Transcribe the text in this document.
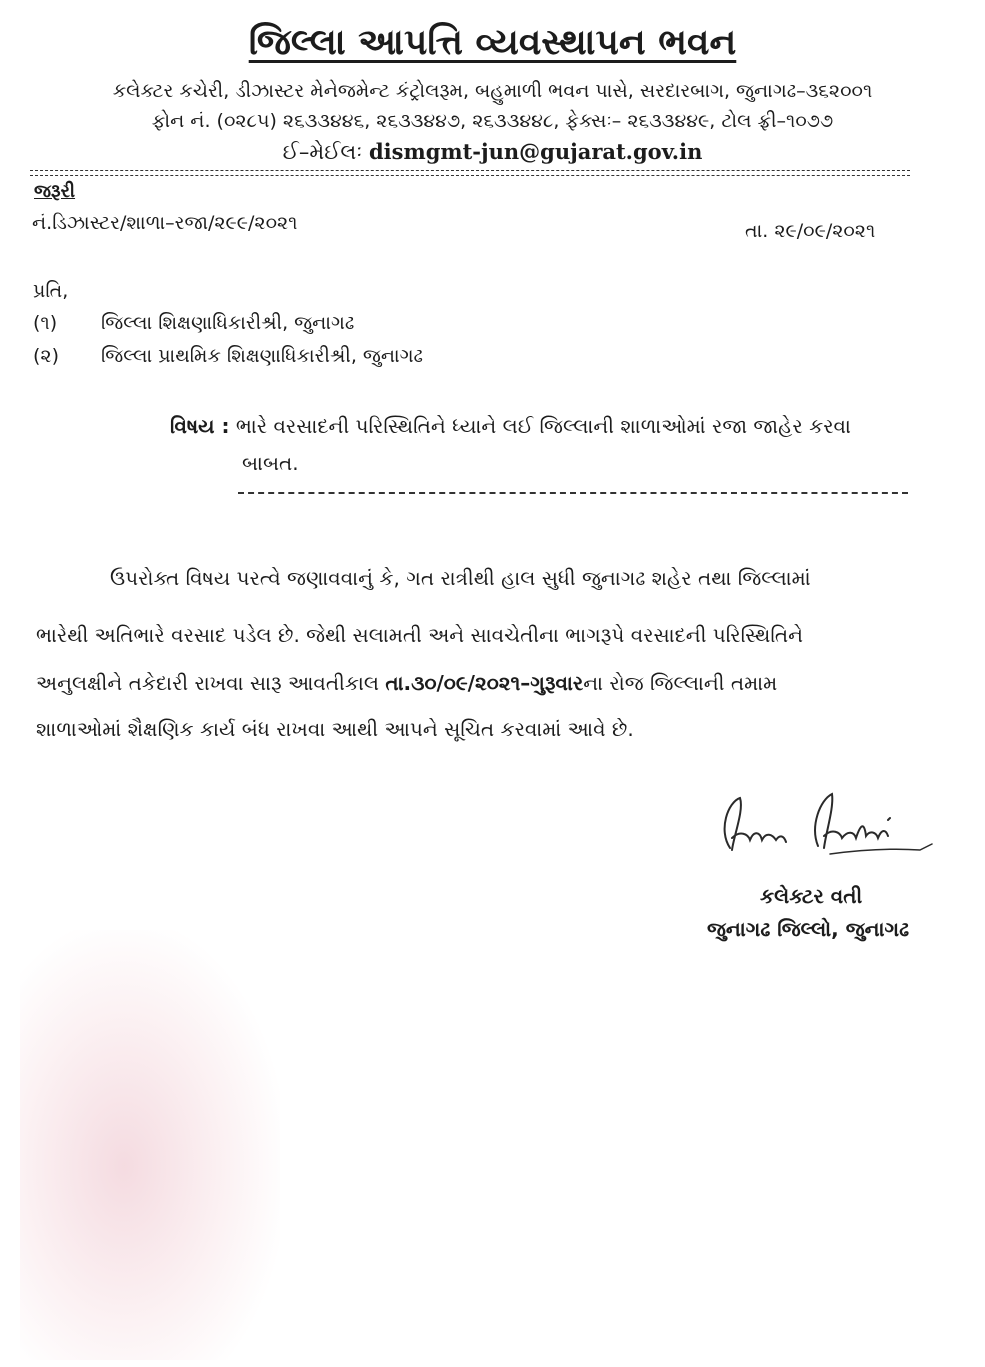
જિલ્લા આપત્તિ વ્યવસ્થાપન ભવન
કલેક્ટર કચેરી, ડીઝાસ્ટર મેનેજમેન્ટ કંટ્રોલરૂમ, બહુમાળી ભવન પાસે, સરદારબાગ, જુનાગઢ–૩૬૨૦૦૧
ફોન નં. (૦૨૮૫) ૨૬૩૩૪૪૬, ૨૬૩૩૪૪૭, ૨૬૩૩૪૪૮, ફેક્સઃ– ૨૬૩૩૪૪૯, ટોલ ફ્રી–૧૦૭૭
ઈ–મેઈલઃ dismgmt-jun@gujarat.gov.in
જરૂરી
નં.ડિઝાસ્ટર/શાળા–રજા/૨૯૯/૨૦૨૧	તા. ૨૯/૦૯/૨૦૨૧
પ્રતિ,
(૧) જિલ્લા શિક્ષણાધિકારીશ્રી, જુનાગઢ
(૨) જિલ્લા પ્રાથમિક શિક્ષણાધિકારીશ્રી, જુનાગઢ
વિષય : ભારે વરસાદની પરિસ્થિતિને ધ્યાને લઈ જિલ્લાની શાળાઓમાં રજા જાહેર કરવા
બાબત.
ઉપરોક્ત વિષય પરત્વે જણાવવાનું કે, ગત રાત્રીથી હાલ સુધી જુનાગઢ શહેર તથા જિલ્લામાં
ભારેથી અતિભારે વરસાદ પડેલ છે. જેથી સલામતી અને સાવચેતીના ભાગરૂપે વરસાદની પરિસ્થિતિને
અનુલક્ષીને તકેદારી રાખવા સારૂ આવતીકાલ તા.૩૦/૦૯/૨૦૨૧–ગુરૂવારના રોજ જિલ્લાની તમામ
શાળાઓમાં શૈક્ષણિક કાર્ય બંધ રાખવા આથી આપને સૂચિત કરવામાં આવે છે.
કલેક્ટર વતી
જુનાગઢ જિલ્લો, જુનાગઢ
